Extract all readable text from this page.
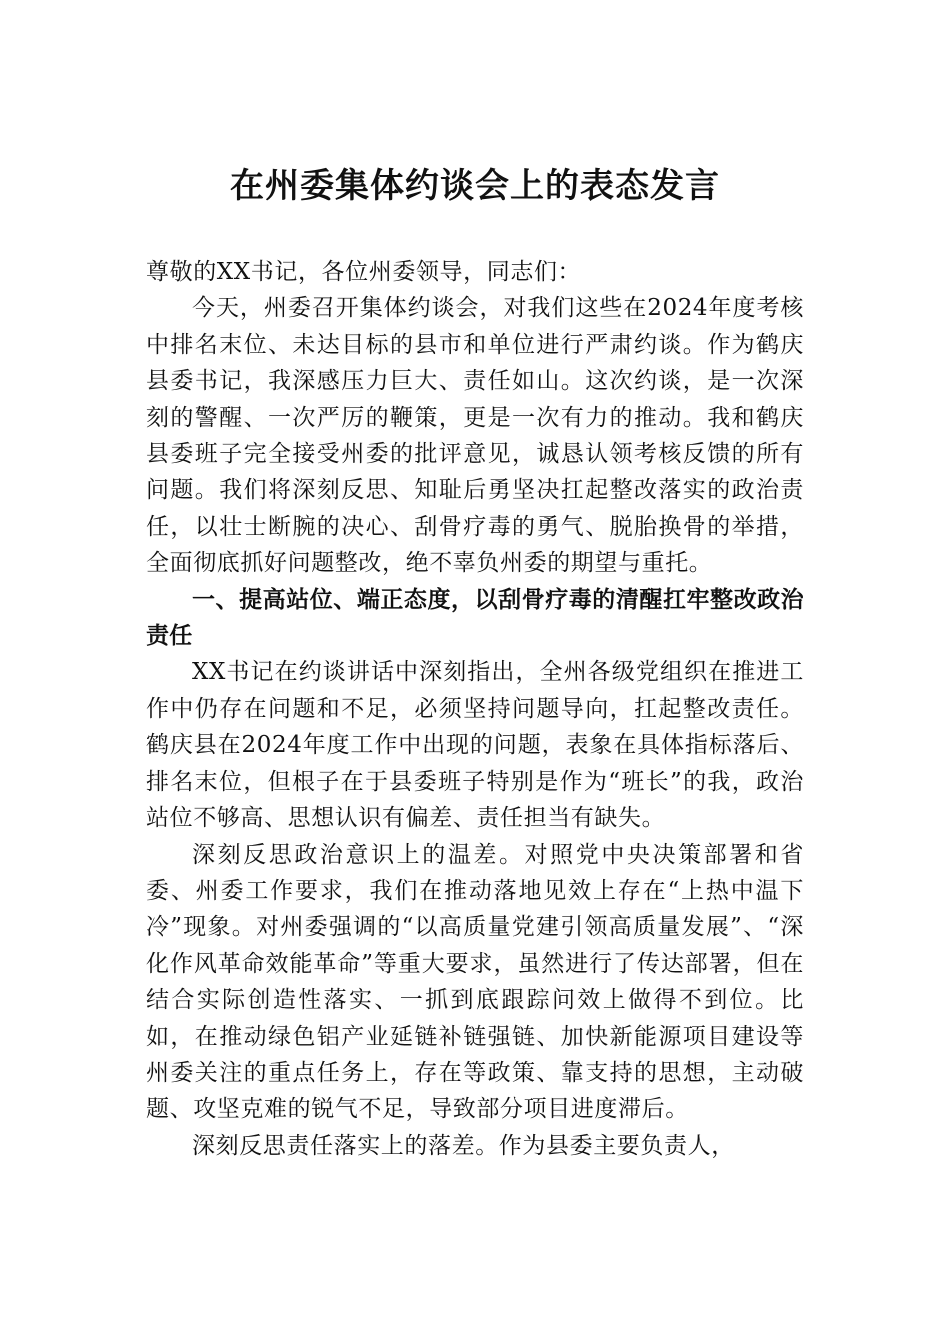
在州委集体约谈会上的表态发言

尊敬的XX书记，各位州委领导，同志们：

今天，州委召开集体约谈会，对我们这些在2024年度考核中排名末位、未达目标的县市和单位进行严肃约谈。作为鹤庆县委书记，我深感压力巨大、责任如山。这次约谈，是一次深刻的警醒、一次严厉的鞭策，更是一次有力的推动。我和鹤庆县委班子完全接受州委的批评意见，诚恳认领考核反馈的所有问题。我们将深刻反思、知耻后勇坚决扛起整改落实的政治责任，以壮士断腕的决心、刮骨疗毒的勇气、脱胎换骨的举措，全面彻底抓好问题整改，绝不辜负州委的期望与重托。

一、提高站位、端正态度，以刮骨疗毒的清醒扛牢整改政治责任

XX书记在约谈讲话中深刻指出，全州各级党组织在推进工作中仍存在问题和不足，必须坚持问题导向，扛起整改责任。鹤庆县在2024年度工作中出现的问题，表象在具体指标落后、排名末位，但根子在于县委班子特别是作为“班长”的我，政治站位不够高、思想认识有偏差、责任担当有缺失。

深刻反思政治意识上的温差。对照党中央决策部署和省委、州委工作要求，我们在推动落地见效上存在“上热中温下冷”现象。对州委强调的“以高质量党建引领高质量发展”、“深化作风革命效能革命”等重大要求，虽然进行了传达部署，但在结合实际创造性落实、一抓到底跟踪问效上做得不到位。比如，在推动绿色铝产业延链补链强链、加快新能源项目建设等州委关注的重点任务上，存在等政策、靠支持的思想，主动破题、攻坚克难的锐气不足，导致部分项目进度滞后。

深刻反思责任落实上的落差。作为县委主要负责人，
